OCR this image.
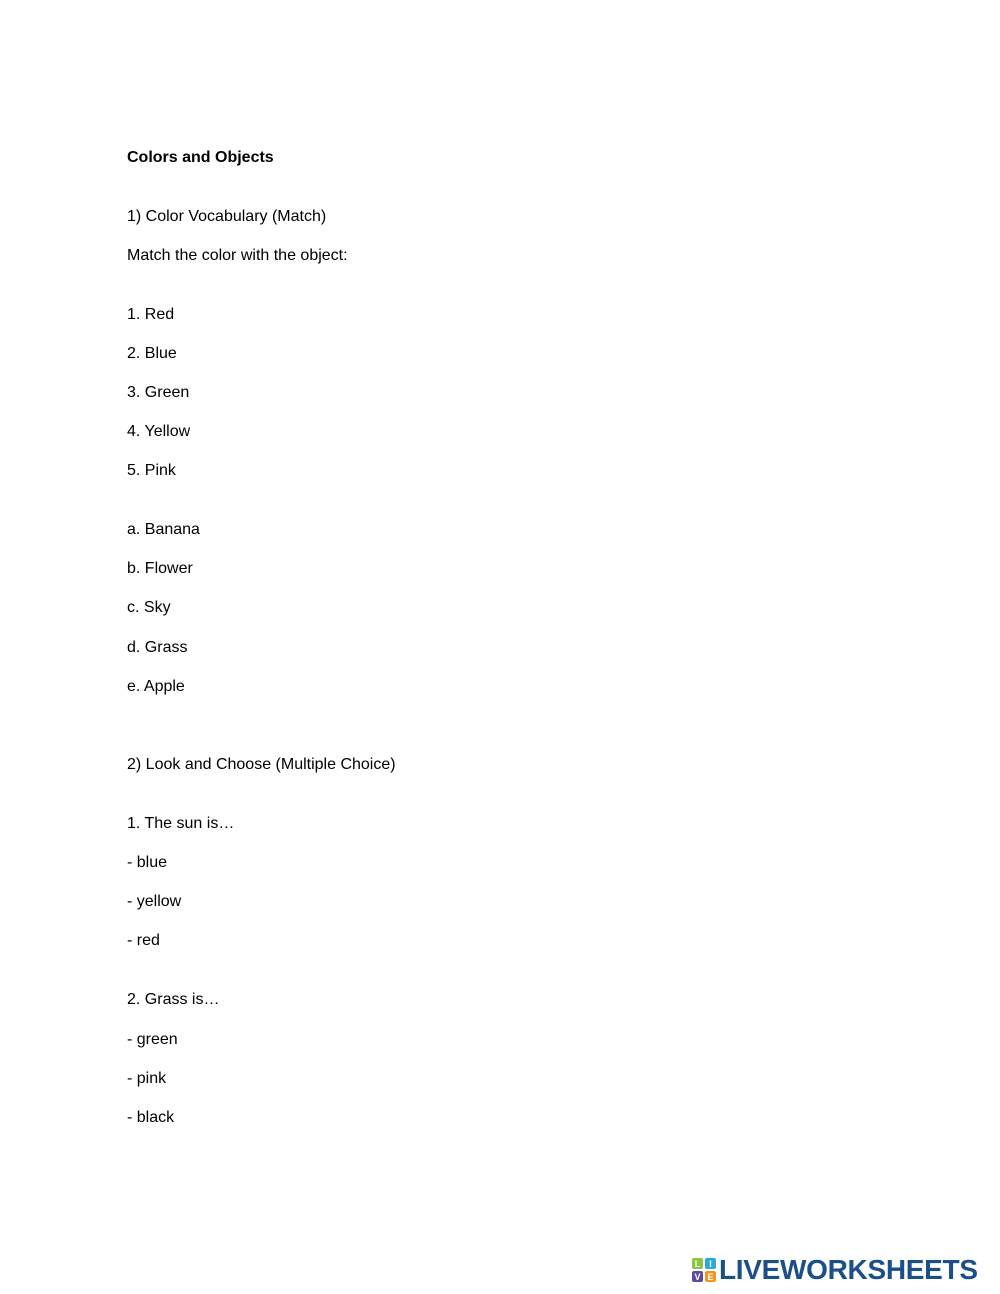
Colors and Objects
1) Color Vocabulary (Match)
Match the color with the object:
1. Red
2. Blue
3. Green
4. Yellow
5. Pink
a. Banana
b. Flower
c. Sky
d. Grass
e. Apple
2) Look and Choose (Multiple Choice)
1. The sun is…
- blue
- yellow
- red
2. Grass is…
- green
- pink
- black
L I
V E LIVEWORKSHEETS
